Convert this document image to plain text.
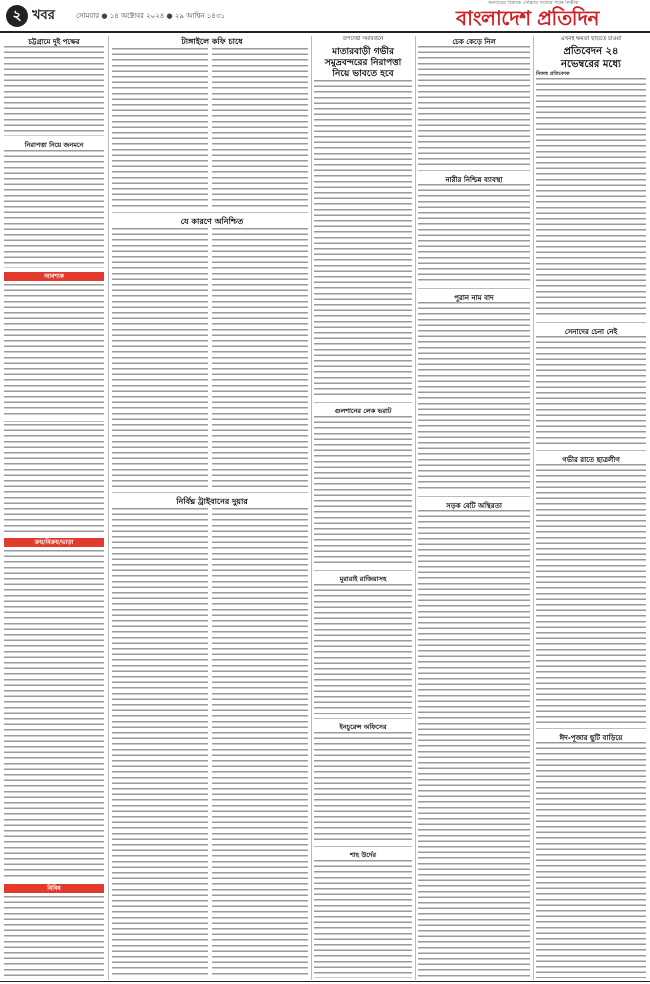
২ খবর	সোমবার ● ১৪ অক্টোবর ২০২৪ ● ২৯ আশ্বিন ১৪৩১
অন্যায়ের বিরুদ্ধে সোচ্চার সত্যের পক্ষে নির্ভীক
বাংলাদেশ প্রতিদিন
চট্টগ্রামে দুই পক্ষের
নিরাপত্তা নিয়ে জনমনে
আবশ্যক
ক্রয়/বিক্রয়/ভাড়া
বিবিধ
টাঙ্গাইলে কফি চাষে
যে কারণে অনিশ্চিত
নির্বিঘ্ন ট্রাইবানের দুয়ার
উপদেষ্টা সমাবর্তনে
মাতারবাড়ী গভীর
সমুদ্রবন্দরের নিরাপত্তা
নিয়ে ভাবতে হবে
গুলশানের লেক ভরাট
মুরারাই রাজিয়াসহ
ইনচুরেন্স অফিসের
শাহ উর্দের
চেক কেড়ে নিল
নারীর নিশ্চিন্ন ব্যাবস্থা
পুরান নাম বাদ
সড়ক বেটি অস্থিরতা
এখনই ক্ষমতা ছাড়তে চাওয়া
প্রতিবেদন ২৪
নভেম্বরের মধ্যে
নিজস্ব প্রতিবেদক
সেনাদের চেনা নেই
গভীর রাতে ছাত্রলীগ
ঈদ-পূজার ছুটি বাড়িয়ে
